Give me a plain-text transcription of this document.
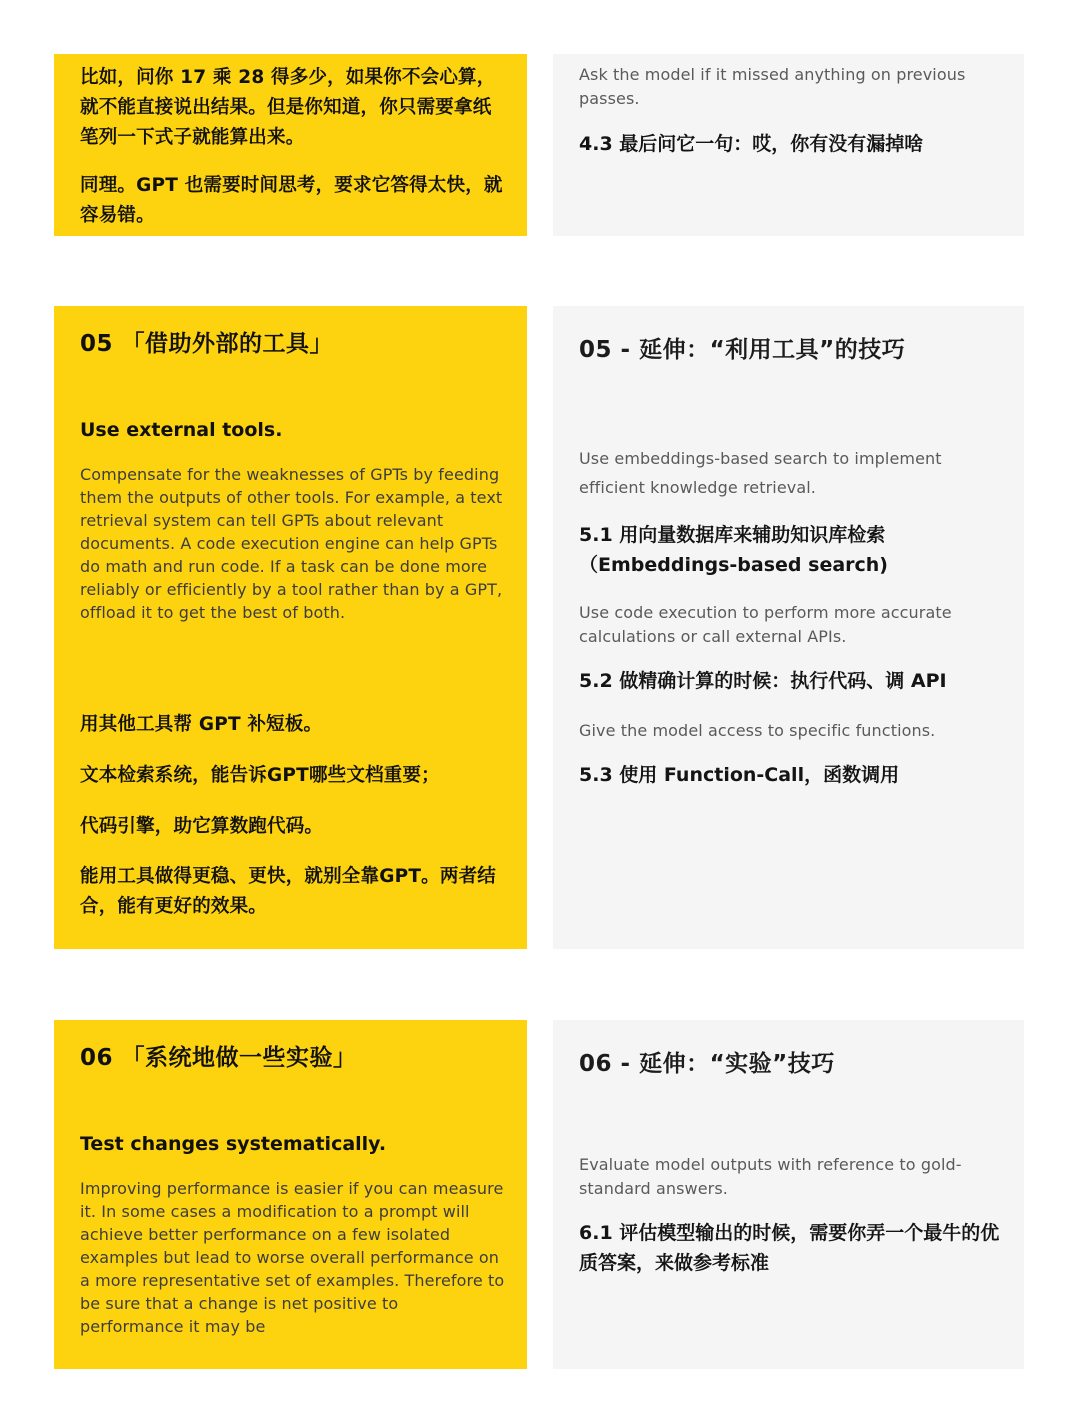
比如，问你 17 乘 28 得多少，如果你不会心算，就不能直接说出结果。但是你知道，你只需要拿纸笔列一下式子就能算出来。

同理。GPT 也需要时间思考，要求它答得太快，就容易错。

Ask the model if it missed anything on previous passes.

4.3 最后问它一句：哎，你有没有漏掉啥

05 「借助外部的工具」

Use external tools.

Compensate for the weaknesses of GPTs by feeding them the outputs of other tools. For example, a text retrieval system can tell GPTs about relevant documents. A code execution engine can help GPTs do math and run code. If a task can be done more reliably or efficiently by a tool rather than by a GPT, offload it to get the best of both.

用其他工具帮 GPT 补短板。

文本检索系统，能告诉GPT哪些文档重要；

代码引擎，助它算数跑代码。

能用工具做得更稳、更快，就别全靠GPT。两者结合，能有更好的效果。

05 - 延伸：“利用工具”的技巧

Use embeddings-based search to implement efficient knowledge retrieval.

5.1 用向量数据库来辅助知识库检索（Embeddings-based search)

Use code execution to perform more accurate calculations or call external APIs.

5.2 做精确计算的时候：执行代码、调 API

Give the model access to specific functions.

5.3 使用 Function-Call，函数调用

06 「系统地做一些实验」

Test changes systematically.

Improving performance is easier if you can measure it. In some cases a modification to a prompt will achieve better performance on a few isolated examples but lead to worse overall performance on a more representative set of examples. Therefore to be sure that a change is net positive to performance it may be

06 - 延伸：“实验”技巧

Evaluate model outputs with reference to gold-standard answers.

6.1 评估模型输出的时候，需要你弄一个最牛的优质答案，来做参考标准
